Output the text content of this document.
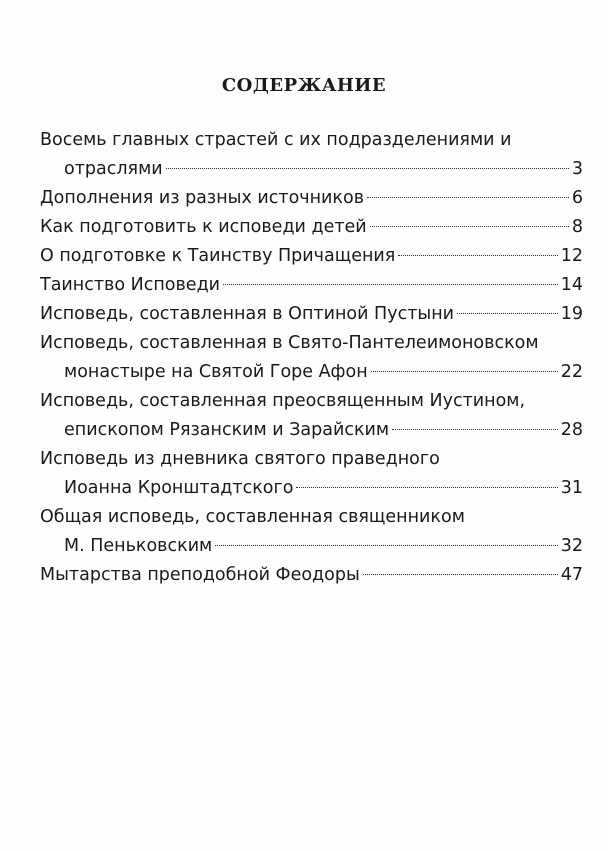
СОДЕРЖАНИЕ
Восемь главных страстей с их подразделениями и
отраслями	3
Дополнения из разных источников	6
Как подготовить к исповеди детей	8
О подготовке к Таинству Причащения	12
Таинство Исповеди	14
Исповедь, составленная в Оптиной Пустыни	19
Исповедь, составленная в Свято-Пантелеимоновском
монастыре на Святой Горе Афон	22
Исповедь, составленная преосвященным Иустином,
епископом Рязанским и Зарайским	28
Исповедь из дневника святого праведного
Иоанна Кронштадтского	31
Общая исповедь, составленная священником
М. Пеньковским	32
Мытарства преподобной Феодоры	47
